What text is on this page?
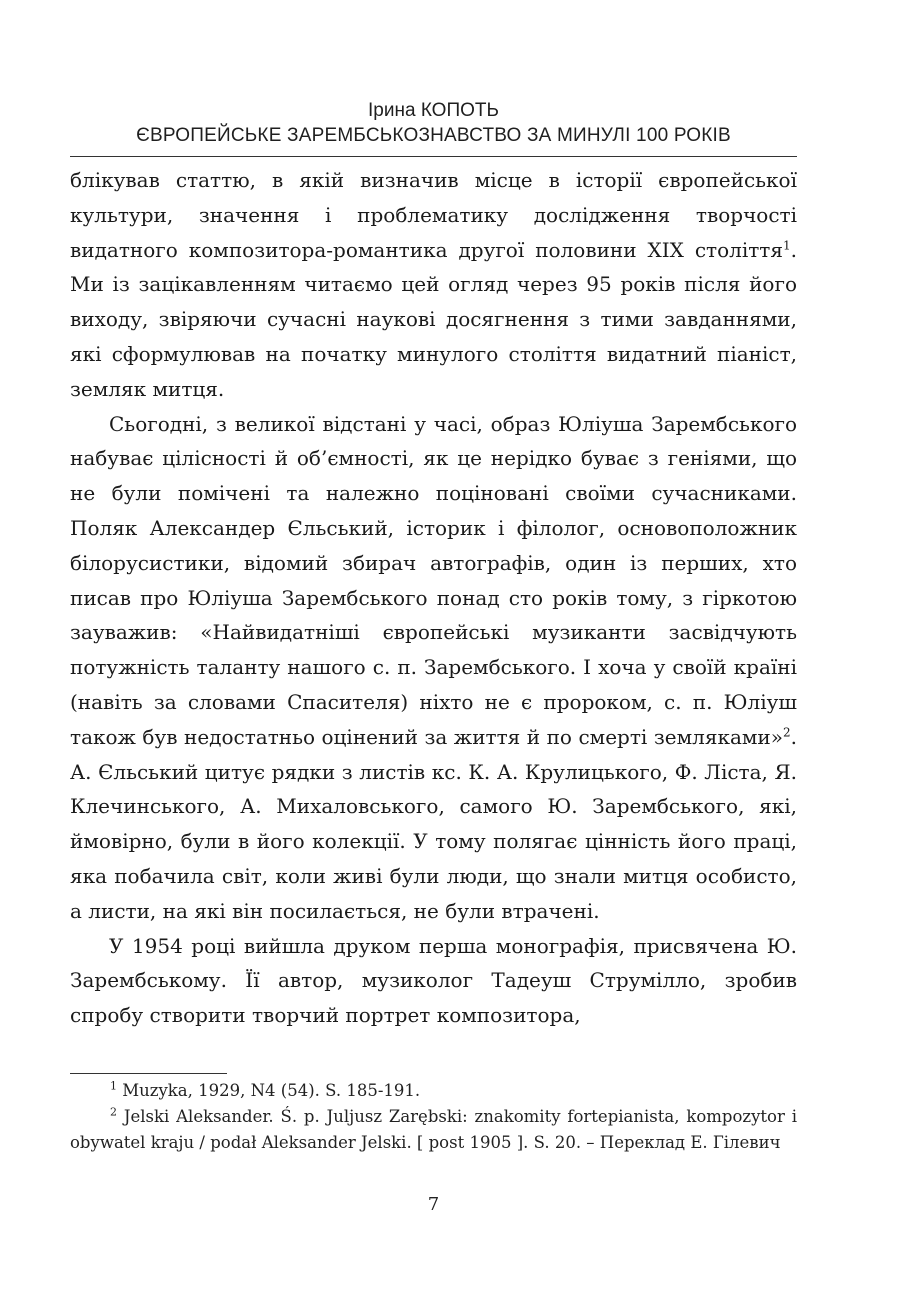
Ірина КОПОТЬ
ЄВРОПЕЙСЬКЕ ЗАРЕМБСЬКОЗНАВСТВО ЗА МИНУЛІ 100 РОКІВ

блікував статтю, в якій визначив місце в історії європейської культури, значення і проблематику дослідження творчості видатного композитора-романтика другої половини XIX століття$^1$. Ми із зацікавленням читаємо цей огляд через 95 років після його виходу, звіряючи сучасні наукові досягнення з тими завданнями, які сформулював на початку минулого століття видатний піаніст, земляк митця.

Сьогодні, з великої відстані у часі, образ Юліуша Зарембського набуває цілісності й об’ємності, як це нерідко буває з геніями, що не були помічені та належно поціновані своїми сучасниками. Поляк Александер Єльський, історик і філолог, основоположник білорусистики, відомий збирач автографів, один із перших, хто писав про Юліуша Зарембського понад сто років тому, з гіркотою зауважив: «Найвидатніші європейські музиканти засвідчують потужність таланту нашого с. п. Зарембського. І хоча у своїй країні (навіть за словами Спасителя) ніхто не є пророком, с. п. Юліуш також був недостатньо оцінений за життя й по смерті земляками»$^2$. А. Єльський цитує рядки з листів кс. К. А. Крулицького, Ф. Ліста, Я. Клечинського, А. Михаловського, самого Ю. Зарембського, які, ймовірно, були в його колекції. У тому полягає цінність його праці, яка побачила світ, коли живі були люди, що знали митця особисто, а листи, на які він посилається, не були втрачені.

У 1954 році вийшла друком перша монографія, присвячена Ю. Зарембському. Її автор, музиколог Тадеуш Струмілло, зробив спробу створити творчий портрет композитора,

$^1$ Muzyka, 1929, N4 (54). S. 185-191.

$^2$ Jelski Aleksander. Ś. p. Juljusz Zarębski: znakomity fortepianista, kompozytor i obywatel kraju / podał Aleksander Jelski. [ post 1905 ]. S. 20. – Переклад Е. Гілевич

7
